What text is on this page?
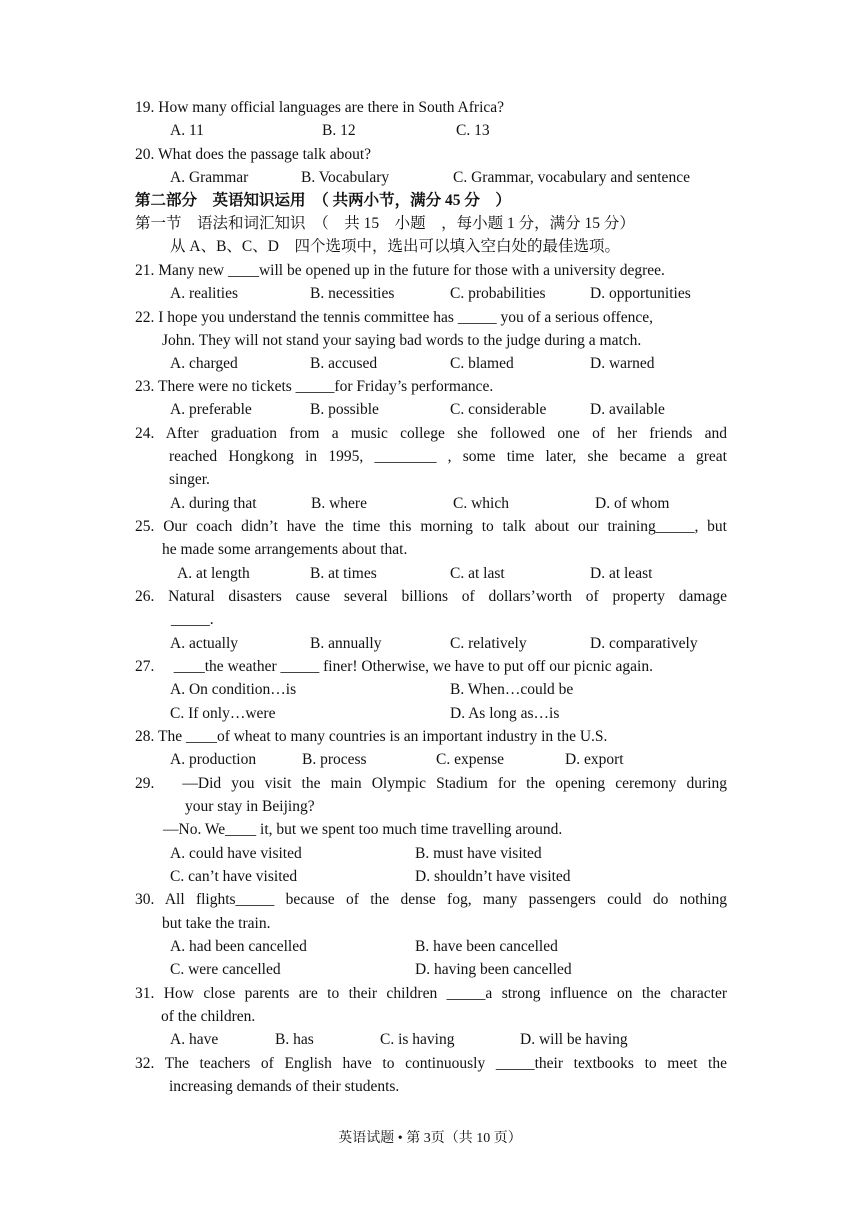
19. How many official languages are there in South Africa?
A. 11	B. 12	C. 13
20. What does the passage talk about?
A. Grammar	B. Vocabulary	C. Grammar, vocabulary and sentence
第二部分　英语知识运用　（ 共两小节，满分 45 分　）
第一节　语法和词汇知识　（　共 15　小题　，每小题 1 分，满分 15 分）
从 A、B、C、D　四个选项中，选出可以填入空白处的最佳选项。
21. Many new ____will be opened up in the future for those with a university degree.
A. realities	B. necessities	C. probabilities	D. opportunities
22. I hope you understand the tennis committee has _____ you of a serious offence,
John. They will not stand your saying bad words to the judge during a match.
A. charged	B. accused	C. blamed	D. warned
23. There were no tickets _____for Friday’s performance.
A. preferable	B. possible	C. considerable	D. available
24. After graduation from a music college she followed one of her friends and
reached Hongkong in 1995, ________ , some time later, she became a great
singer.
A. during that	B. where	C. which	D. of whom
25. Our coach didn’t have the time this morning to talk about our training_____, but
he made some arrangements about that.
A. at length	B. at times	C. at last	D. at least
26. Natural disasters cause several billions of dollars’worth of property damage
_____.
A. actually	B. annually	C. relatively	D. comparatively
27.　 ____the weather _____ finer! Otherwise, we have to put off our picnic again.
A. On condition…is	B. When…could be
C. If only…were	D. As long as…is
28. The ____of wheat to many countries is an important industry in the U.S.
A. production	B. process	C. expense	D. export
29.　—Did you visit the main Olympic Stadium for the opening ceremony during
your stay in Beijing?
—No. We____ it, but we spent too much time travelling around.
A. could have visited	B. must have visited
C. can’t have visited	D. shouldn’t have visited
30. All flights_____ because of the dense fog, many passengers could do nothing
but take the train.
A. had been cancelled	B. have been cancelled
C. were cancelled	D. having been cancelled
31. How close parents are to their children _____a strong influence on the character
of the children.
A. have	B. has	C. is having	D. will be having
32. The teachers of English have to continuously _____their textbooks to meet the
increasing demands of their students.
英语试题 • 第 3页（共 10 页）
